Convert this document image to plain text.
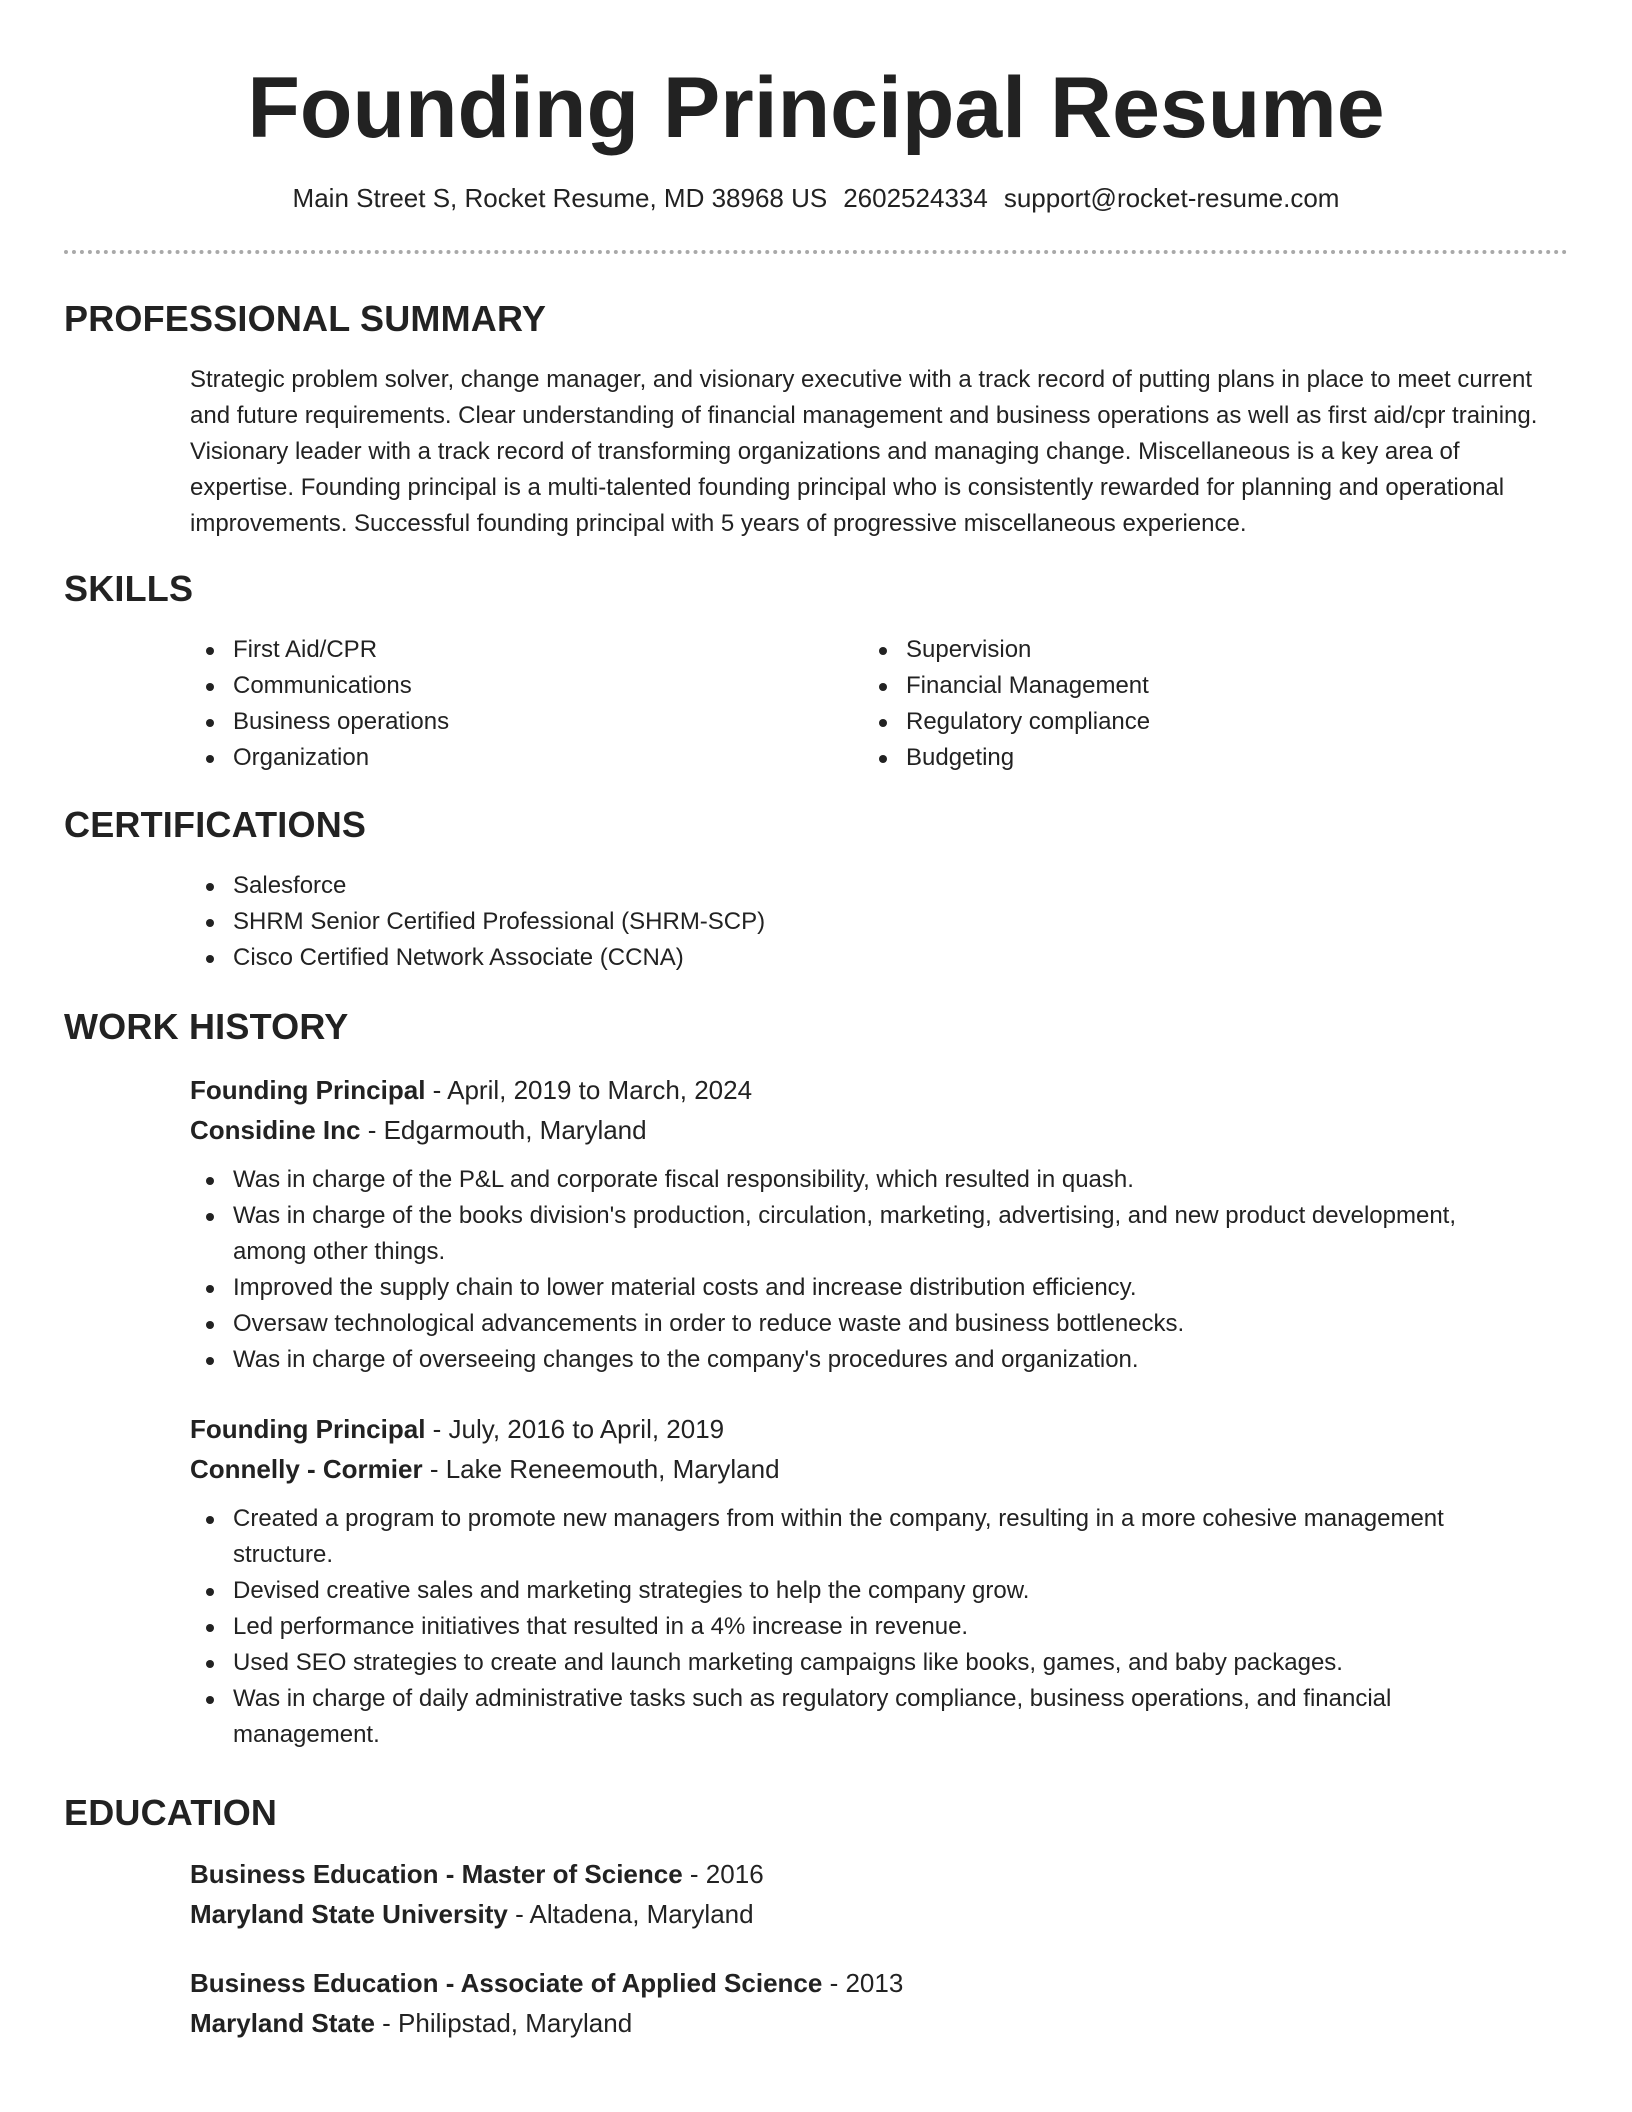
Founding Principal Resume
Main Street S, Rocket Resume, MD 38968 US 2602524334 support@rocket-resume.com
PROFESSIONAL SUMMARY

Strategic problem solver, change manager, and visionary executive with a track record of putting plans in place to meet current and future requirements. Clear understanding of financial management and business operations as well as first aid/cpr training. Visionary leader with a track record of transforming organizations and managing change. Miscellaneous is a key area of expertise. Founding principal is a multi-talented founding principal who is consistently rewarded for planning and operational improvements. Successful founding principal with 5 years of progressive miscellaneous experience.

SKILLS
First Aid/CPR
Communications
Business operations
Organization
Supervision
Financial Management
Regulatory compliance
Budgeting
CERTIFICATIONS
Salesforce
SHRM Senior Certified Professional (SHRM-SCP)
Cisco Certified Network Associate (CCNA)
WORK HISTORY
Founding Principal - April, 2019 to March, 2024
Considine Inc - Edgarmouth, Maryland
Was in charge of the P&L and corporate fiscal responsibility, which resulted in quash.
Was in charge of the books division's production, circulation, marketing, advertising, and new product development, among other things.
Improved the supply chain to lower material costs and increase distribution efficiency.
Oversaw technological advancements in order to reduce waste and business bottlenecks.
Was in charge of overseeing changes to the company's procedures and organization.
Founding Principal - July, 2016 to April, 2019
Connelly - Cormier - Lake Reneemouth, Maryland
Created a program to promote new managers from within the company, resulting in a more cohesive management structure.
Devised creative sales and marketing strategies to help the company grow.
Led performance initiatives that resulted in a 4% increase in revenue.
Used SEO strategies to create and launch marketing campaigns like books, games, and baby packages.
Was in charge of daily administrative tasks such as regulatory compliance, business operations, and financial management.
EDUCATION
Business Education - Master of Science - 2016
Maryland State University - Altadena, Maryland
Business Education - Associate of Applied Science - 2013
Maryland State - Philipstad, Maryland
